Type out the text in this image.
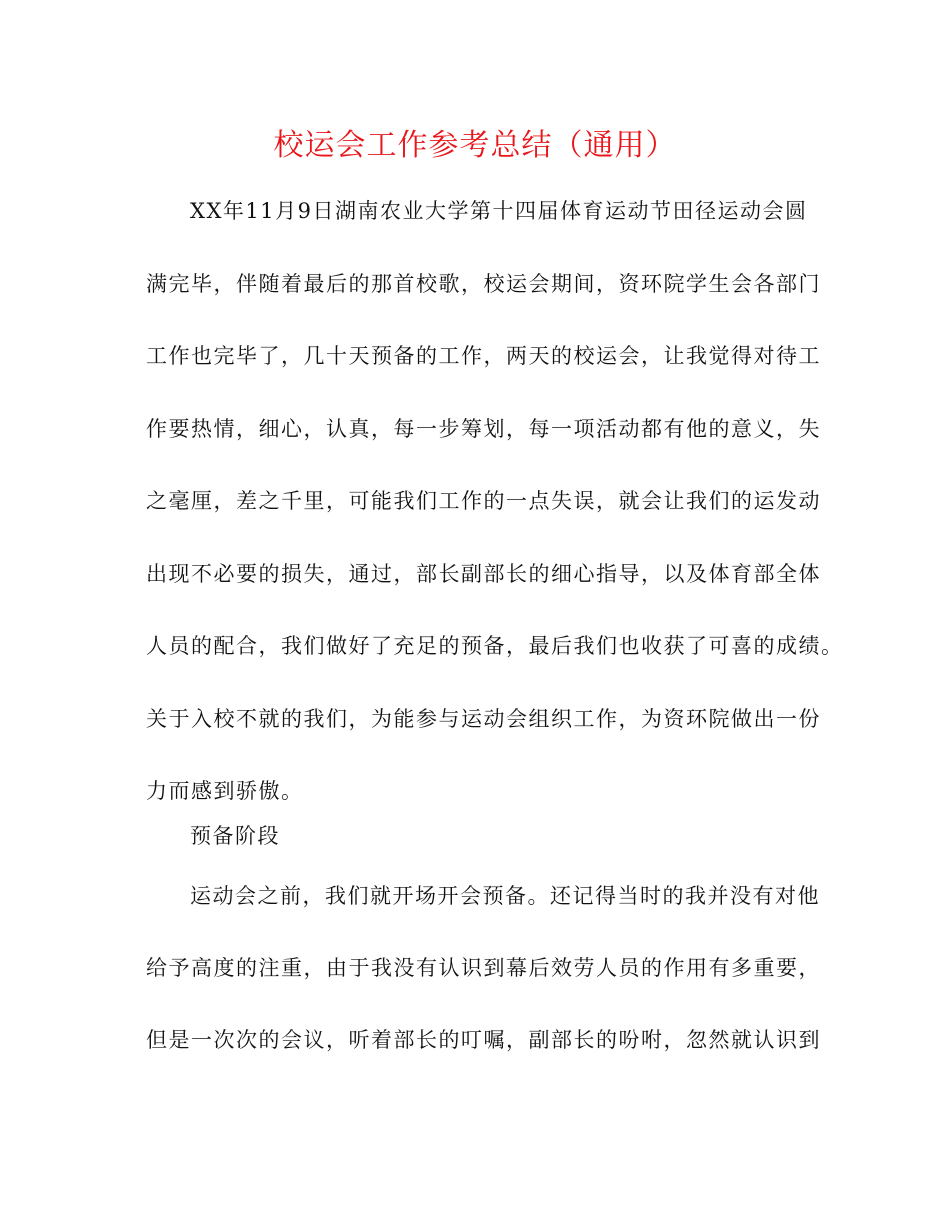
校运会工作参考总结（通用）
XX年11月9日湖南农业大学第十四届体育运动节田径运动会圆
满完毕，伴随着最后的那首校歌，校运会期间，资环院学生会各部门
工作也完毕了，几十天预备的工作，两天的校运会，让我觉得对待工
作要热情，细心，认真，每一步筹划，每一项活动都有他的意义，失
之毫厘，差之千里，可能我们工作的一点失误，就会让我们的运发动
出现不必要的损失，通过，部长副部长的细心指导，以及体育部全体
人员的配合，我们做好了充足的预备，最后我们也收获了可喜的成绩。
关于入校不就的我们，为能参与运动会组织工作，为资环院做出一份
力而感到骄傲。
预备阶段
运动会之前，我们就开场开会预备。还记得当时的我并没有对他
给予高度的注重，由于我没有认识到幕后效劳人员的作用有多重要，
但是一次次的会议，听着部长的叮嘱，副部长的吩咐，忽然就认识到
